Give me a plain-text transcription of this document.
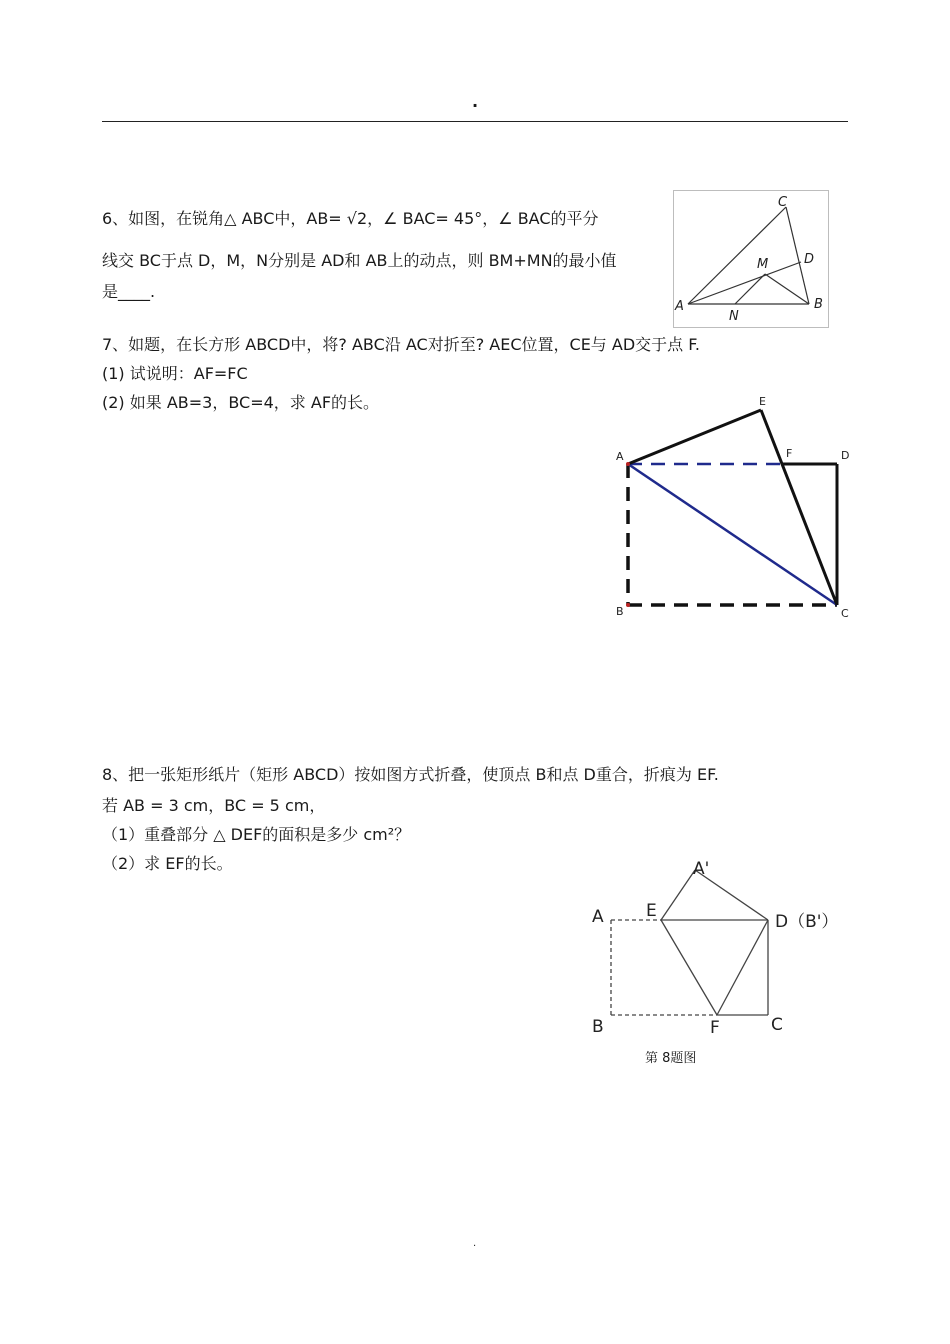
.
6、如图，在锐角△ ABC中，AB= √2，∠ BAC= 45°，∠ BAC的平分
线交 BC于点 D，M，N分别是 AD和 AB上的动点，则 BM+MN的最小值
是____.
A	B
C
D
M
N
7、如题，在长方形 ABCD中，将? ABC沿 AC对折至? AEC位置，CE与 AD交于点 F.
(1) 试说明：AF=FC
(2) 如果 AB=3，BC=4，求 AF的长。
A
B	C
D
E
F
8、把一张矩形纸片（矩形 ABCD）按如图方式折叠，使顶点 B和点 D重合，折痕为 EF.
若 AB = 3 cm，BC = 5 cm，
（1）重叠部分 △ DEF的面积是多少 cm²？
（2）求 EF的长。	A'
A E
D（B'）
B	F	C
第 8题图
.
